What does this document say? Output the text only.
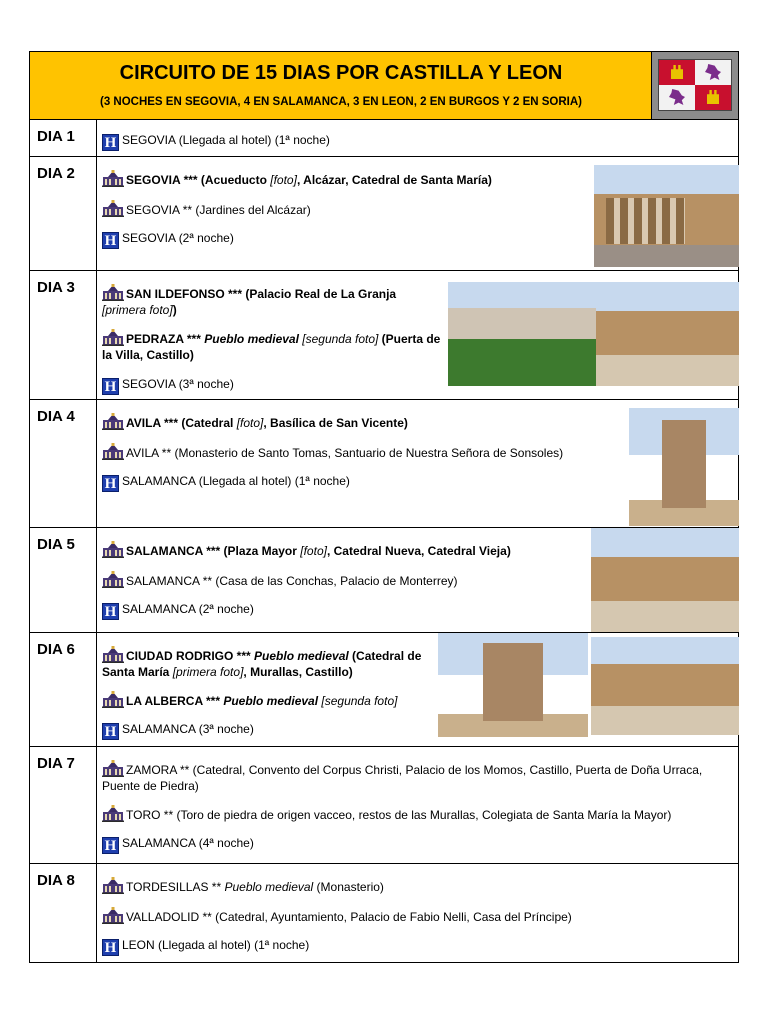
CIRCUITO DE 15 DIAS POR CASTILLA Y LEON
(3 NOCHES EN SEGOVIA, 4 EN SALAMANCA, 3 EN LEON, 2 EN BURGOS Y 2 EN SORIA)
DIA 1 H SEGOVIA (Llegada al hotel) (1ª noche)
DIA 2	SEGOVIA *** (Acueducto [foto], Alcázar, Catedral de Santa María)
SEGOVIA ** (Jardines del Alcázar)
H SEGOVIA (2ª noche)
DIA 3	SAN ILDEFONSO *** (Palacio Real de La Granja [primera foto])
PEDRAZA *** Pueblo medieval [segunda foto] (Puerta de la Villa, Castillo)
H SEGOVIA (3ª noche)
DIA 4	AVILA *** (Catedral [foto], Basílica de San Vicente)
AVILA ** (Monasterio de Santo Tomas, Santuario de Nuestra Señora de Sonsoles)
H SALAMANCA (Llegada al hotel) (1ª noche)
DIA 5	SALAMANCA *** (Plaza Mayor [foto], Catedral Nueva, Catedral Vieja)
SALAMANCA ** (Casa de las Conchas, Palacio de Monterrey)
H SALAMANCA (2ª noche)
DIA 6	CIUDAD RODRIGO *** Pueblo medieval (Catedral de Santa María [primera foto], Murallas, Castillo)
LA ALBERCA *** Pueblo medieval [segunda foto]
H SALAMANCA (3ª noche)
DIA 7	ZAMORA ** (Catedral, Convento del Corpus Christi, Palacio de los Momos, Castillo, Puerta de Doña Urraca, Puente de Piedra)
TORO ** (Toro de piedra de origen vacceo, restos de las Murallas, Colegiata de Santa María la Mayor)
H SALAMANCA (4ª noche)
DIA 8	TORDESILLAS ** Pueblo medieval (Monasterio)
VALLADOLID ** (Catedral, Ayuntamiento, Palacio de Fabio Nelli, Casa del Príncipe)
H LEON (Llegada al hotel) (1ª noche)
